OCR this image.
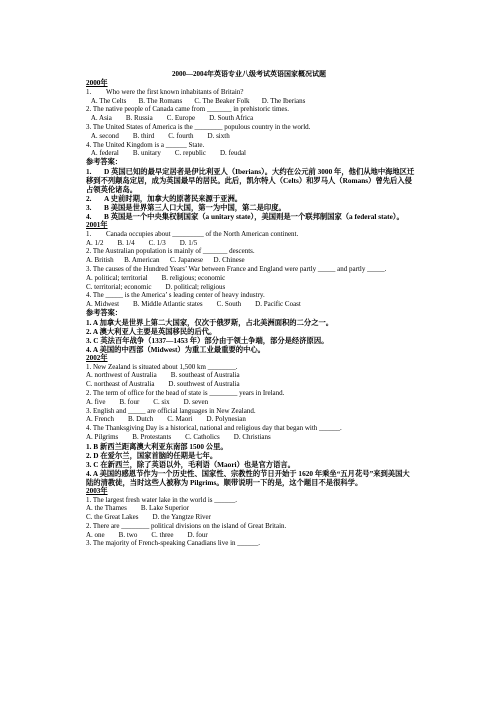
2000—2004年英语专业八级考试英语国家概况试题
2000年
1. Who were the first known inhabitants of Britain?
A. The Celts       B. The Romans       C. The Beaker Folk       D. The Iberians
2. The native people of Canada came from _______ in prehistoric times.
A. Asia        B. Russia        C. Europe        D. South Africa
3. The United States of America is the ________ populous country in the world.
A. second        B. third        C. fourth        D. sixth
4. The United Kingdom is a ______ State.
A. federal        B. unitary        C. republic        D. feudal
参考答案：
1. D 英国已知的最早定居者是伊比利亚人（Iberians）。大约在公元前 3000 年，他们从地中海地区迁移到不列颠岛定居，成为英国最早的居民。此后，凯尔特人（Celts）和罗马人（Romans）曾先后入侵占领英伦诸岛。
2. A 史前时期，加拿大的原著民来源于亚洲。
3. B 美国是世界第三人口大国，第一为中国，第二是印度。
4. B 英国是一个中央集权制国家（a unitary state），美国则是一个联邦制国家（a federal state）。
2001年
1. Canada occupies about _________ of the North American continent.
A. 1/2        B. 1/4        C. 1/3        D. 1/5
2. The Australian population is mainly of _______ descents.
A. British      B. American      C. Japanese      D. Chinese
3. The causes of the Hundred Years’ War between France and England were partly _____ and partly _____.
A. political; territorial        B. religious; economic
C. territorial; economic        D. political; religious
4. The _____ is the America’ s leading center of heavy industry.
A. Midwest        B. Middle Atlantic states        C. South        D. Pacific Coast
参考答案：
1. A 加拿大是世界上第二大国家，仅次于俄罗斯，占北美洲面积的二分之一。
2. A 澳大利亚人主要是英国移民的后代。
3. C 英法百年战争（1337—1453 年）部分由于领土争端，部分是经济原因。
4. A 美国的中西部（Midwest）为重工业最重要的中心。
2002年
1. New Zealand is situated about 1,500 km ________.
A. northwest of Australia        B. southeast of Australia
C. northeast of Australia        D. southwest of Australia
2. The term of office for the head of state is ________ years in Ireland.
A. five        B. four        C. six        D. seven
3. English and _____ are official languages in New Zealand.
A. French        B. Dutch        C. Maori        D. Polynesian
4. The Thanksgiving Day is a historical, national and religious day that began with ______.
A. Pilgrims        B. Protestants        C. Catholics        D. Christians
1. B 新西兰距离澳大利亚东南部 1500 公里。
2. D 在爱尔兰，国家首脑的任期是七年。
3. C 在新西兰，除了英语以外，毛利语（Maori）也是官方语言。
4. A 美国的感恩节作为一个历史性、国家性、宗教性的节日开始于 1620 年乘坐“五月花号”来到美国大陆的清教徒，当时这些人被称为 Pilgrims。顺带说明一下的是，这个题目不是很科学。
2003年
1. The largest fresh water lake in the world is ______.
A. the Thames        B. Lake Superior
C. the Great Lakes        D. the Yangtze River
2. There are ________ political divisions on the island of Great Britain.
A. one        B. two        C. three        D. four
3. The majority of French-speaking Canadians live in ______.
